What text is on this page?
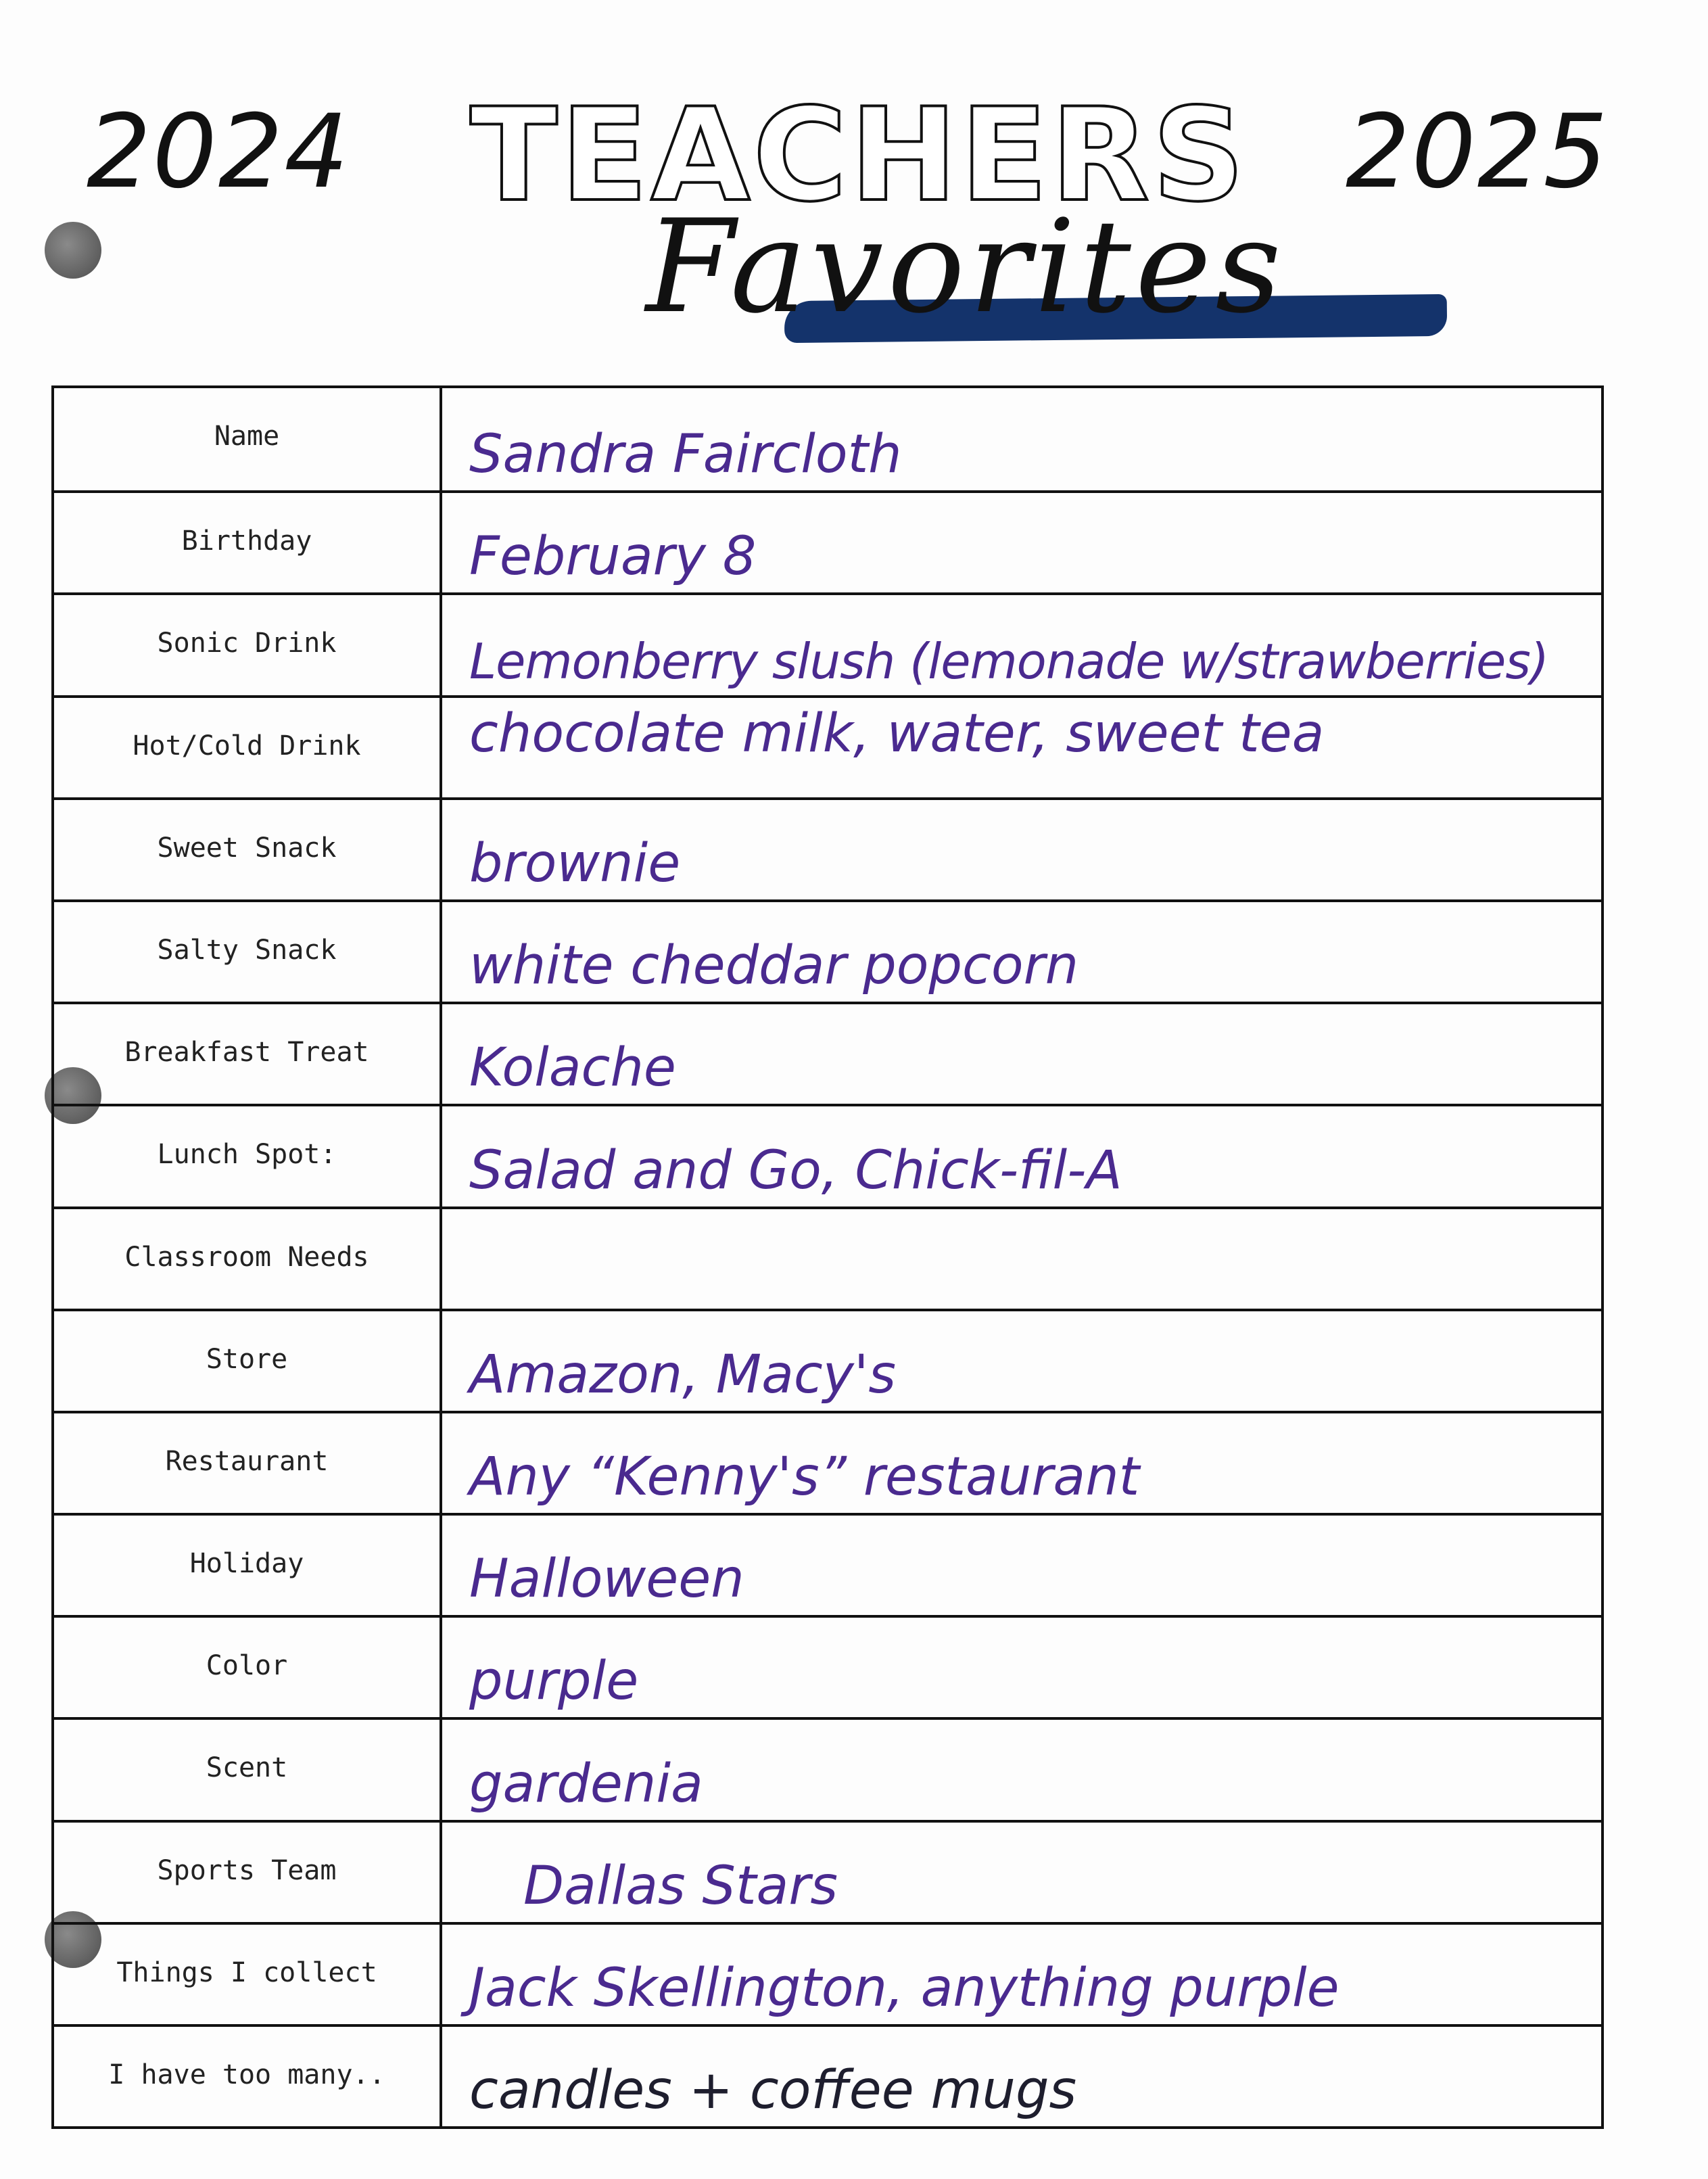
2024	2025
TEACHERS
Favorites
Name	Sandra Faircloth
Birthday	February 8
Sonic Drink	Lemonberry slush (lemonade w/strawberries)
Hot/Cold Drink	chocolate milk, water, sweet tea
Sweet Snack	brownie
Salty Snack	white cheddar popcorn
Breakfast Treat	Kolache
Lunch Spot:	Salad and Go, Chick-fil-A
Classroom Needs
Store	Amazon, Macy's
Restaurant	Any “Kenny's” restaurant
Holiday	Halloween
Color	purple
Scent	gardenia
Sports Team	Dallas Stars
Things I collect	Jack Skellington, anything purple
I have too many..	candles + coffee mugs
